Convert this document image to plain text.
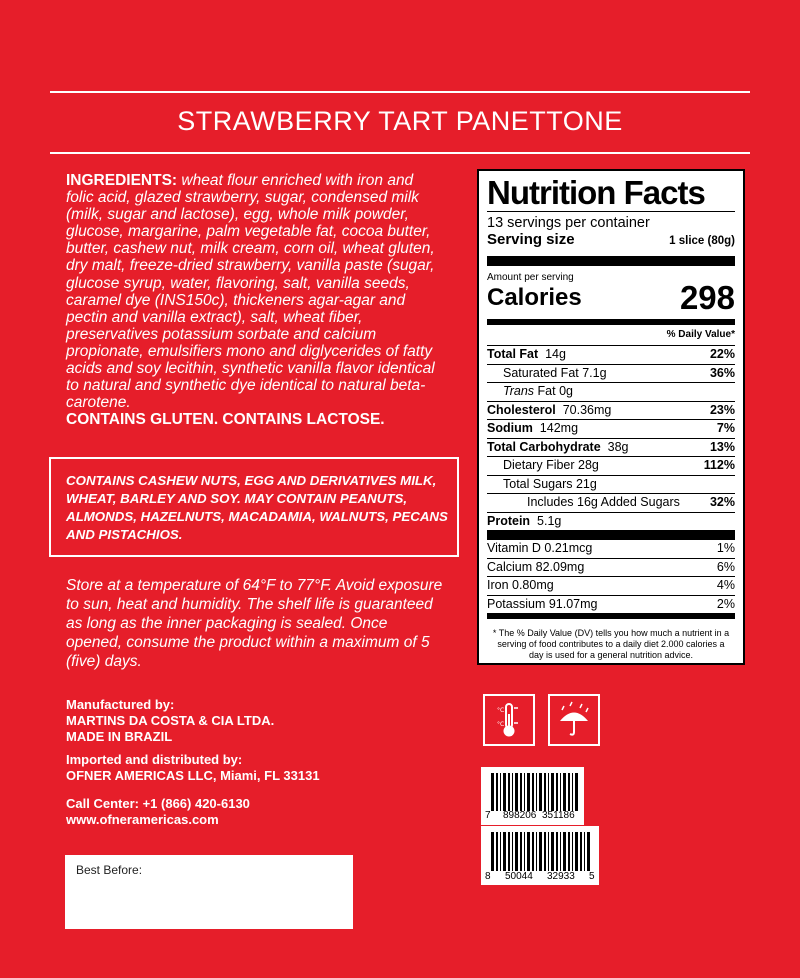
STRAWBERRY TART PANETTONE
INGREDIENTS: wheat flour enriched with iron and folic acid, glazed strawberry, sugar, condensed milk (milk, sugar and lactose), egg, whole milk powder, glucose, margarine, palm vegetable fat, cocoa butter, butter, cashew nut, milk cream, corn oil, wheat gluten, dry malt, freeze-dried strawberry, vanilla paste (sugar, glucose syrup, water, flavoring, salt, vanilla seeds, caramel dye (INS150c), thickeners agar-agar and pectin and vanilla extract), salt, wheat fiber, preservatives potassium sorbate and calcium propionate, emulsifiers mono and diglycerides of fatty acids and soy lecithin, synthetic vanilla flavor identical to natural and synthetic dye identical to natural beta-carotene.
CONTAINS GLUTEN. CONTAINS LACTOSE.
CONTAINS CASHEW NUTS, EGG AND DERIVATIVES MILK, WHEAT, BARLEY AND SOY. MAY CONTAIN PEANUTS, ALMONDS, HAZELNUTS, MACADAMIA, WALNUTS, PECANS AND PISTACHIOS.
Store at a temperature of 64°F to 77°F. Avoid exposure to sun, heat and humidity. The shelf life is guaranteed as long as the inner packaging is sealed. Once opened, consume the product within a maximum of 5 (five) days.
Manufactured by:
MARTINS DA COSTA & CIA LTDA.
MADE IN BRAZIL
Imported and distributed by:
OFNER AMERICAS LLC, Miami, FL 33131
Call Center: +1 (866) 420-6130
www.ofneramericas.com
Best Before:
Nutrition Facts
13 servings per container
Serving size	1 slice (80g)
Amount per serving
Calories	298
% Daily Value*
Total Fat 14g	22%
Saturated Fat 7.1g	36%
Trans Fat 0g
Cholesterol 70.36mg	23%
Sodium 142mg	7%
Total Carbohydrate 38g	13%
Dietary Fiber 28g	112%
Total Sugars 21g
Includes 16g Added Sugars 32%
Protein 5.1g
Vitamin D 0.21mcg	1%
Calcium 82.09mg	6%
Iron 0.80mg	4%
Potassium 91.07mg	2%
* The % Daily Value (DV) tells you how much a nutrient in a serving of food contributes to a daily diet 2.000 calories a day is used for a general nutrition advice.
°C
°C
7 898206 351186
8 50044 32933 5
